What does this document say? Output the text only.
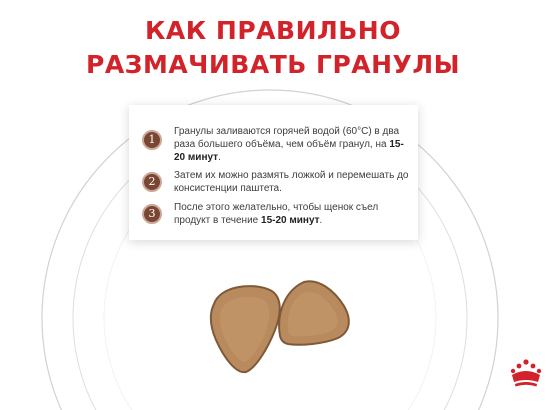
КАК ПРАВИЛЬНО
РАЗМАЧИВАТЬ ГРАНУЛЫ
1
Гранулы заливаются горячей водой (60°С) в два раза большего объёма, чем объём гранул, на 15-20 минут.
2	Затем их можно размять ложкой и перемешать до консистенции паштета.
3	После этого желательно, чтобы щенок съел продукт в течение 15-20 минут.
